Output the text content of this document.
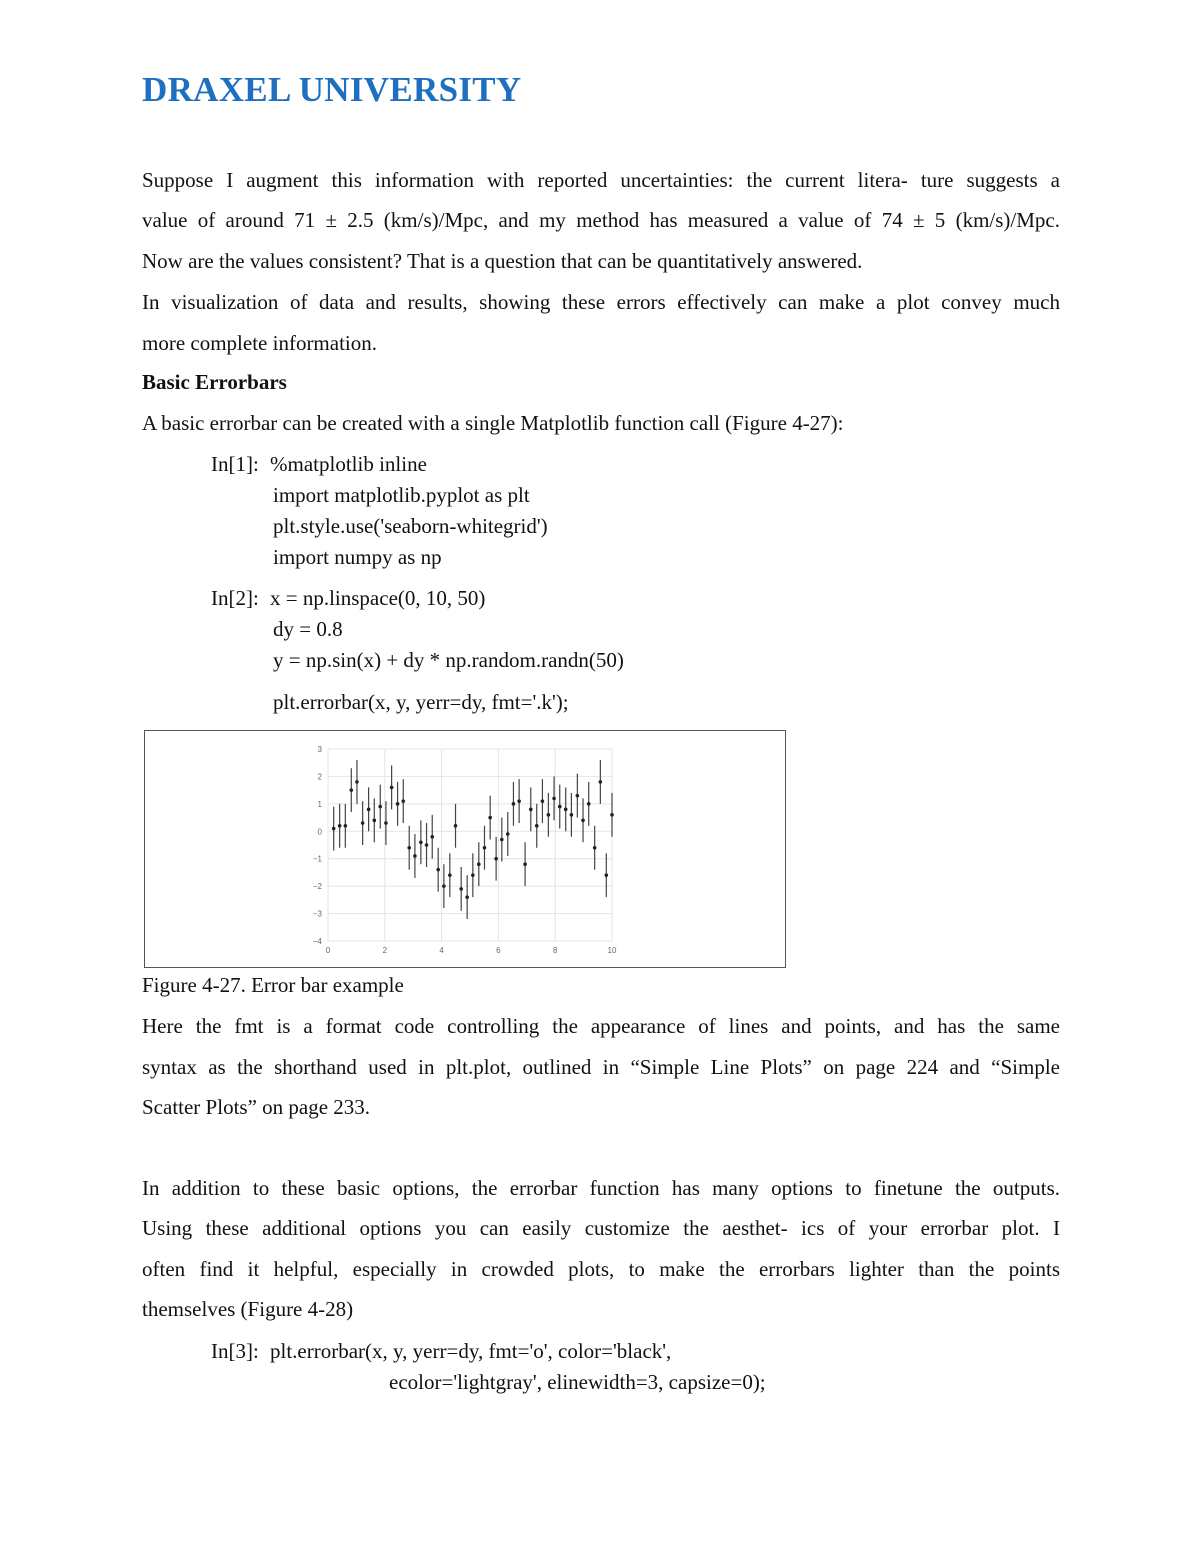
DRAXEL UNIVERSITY

Suppose I augment this information with reported uncertainties: the current litera- ture suggests a

value of around 71 ± 2.5 (km/s)/Mpc, and my method has measured a value of 74 ± 5 (km/s)/Mpc.

Now are the values consistent? That is a question that can be quantitatively answered.

In visualization of data and results, showing these errors effectively can make a plot convey much

more complete information.

Basic Errorbars

A basic errorbar can be created with a single Matplotlib function call (Figure 4-27):

In[1]: %matplotlib inline

import matplotlib.pyplot as plt

plt.style.use('seaborn-whitegrid')

import numpy as np

In[2]: x = np.linspace(0, 10, 50)

dy = 0.8

y = np.sin(x) + dy * np.random.randn(50)

plt.errorbar(x, y, yerr=dy, fmt='.k');

3
2
1
0
−1
−2
−3
−4
0	2	4	6	8	10

Figure 4-27. Error bar example

Here the fmt is a format code controlling the appearance of lines and points, and has the same

syntax as the shorthand used in plt.plot, outlined in “Simple Line Plots” on page 224 and “Simple

Scatter Plots” on page 233.

In addition to these basic options, the errorbar function has many options to finetune the outputs.

Using these additional options you can easily customize the aesthet- ics of your errorbar plot. I

often find it helpful, especially in crowded plots, to make the errorbars lighter than the points

themselves (Figure 4-28)

In[3]: plt.errorbar(x, y, yerr=dy, fmt='o', color='black',

ecolor='lightgray', elinewidth=3, capsize=0);
